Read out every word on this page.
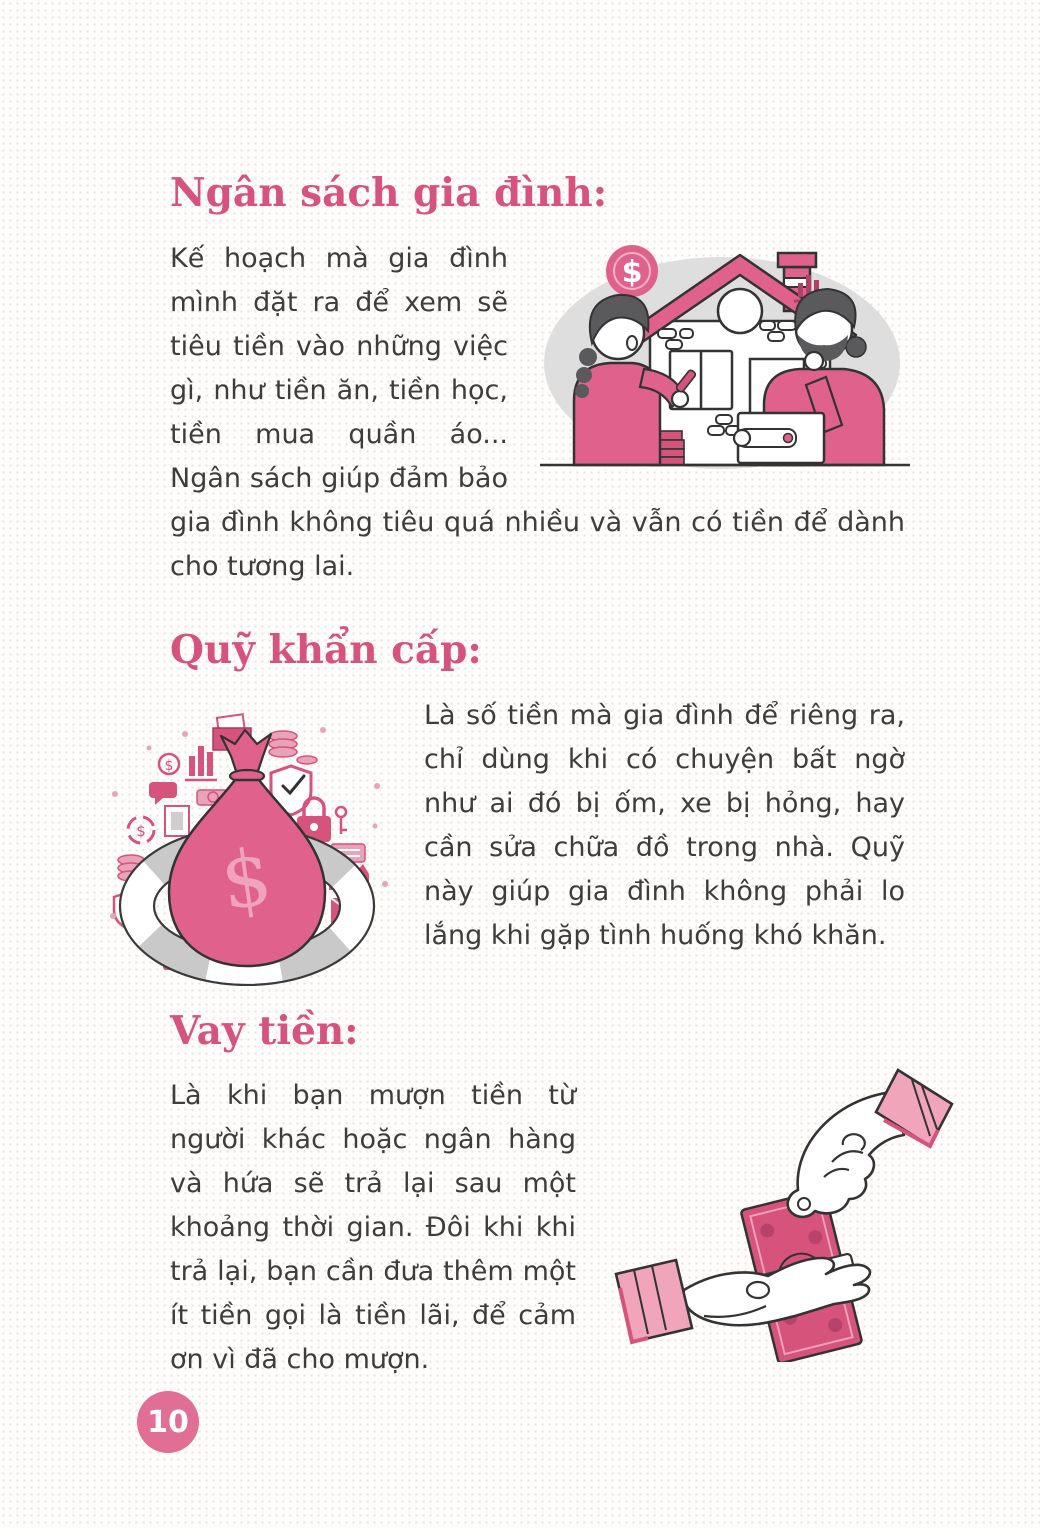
Ngân sách gia đình:
$

Kế hoạch mà gia đình mình đặt ra để xem sẽ tiêu tiền vào những việc gì, như tiền ăn, tiền học, tiền mua quần áo... Ngân sách giúp đảm bảo gia đình không tiêu quá nhiều và vẫn có tiền để dành cho tương lai.

Quỹ khẩn cấp:
$
$
$

Là số tiền mà gia đình để riêng ra, chỉ dùng khi có chuyện bất ngờ như ai đó bị ốm, xe bị hỏng, hay cần sửa chữa đồ trong nhà. Quỹ này giúp gia đình không phải lo lắng khi gặp tình huống khó khăn.

Vay tiền:

Là khi bạn mượn tiền từ người khác hoặc ngân hàng và hứa sẽ trả lại sau một khoảng thời gian. Đôi khi khi trả lại, bạn cần đưa thêm một ít tiền gọi là tiền lãi, để cảm ơn vì đã cho mượn.

10
